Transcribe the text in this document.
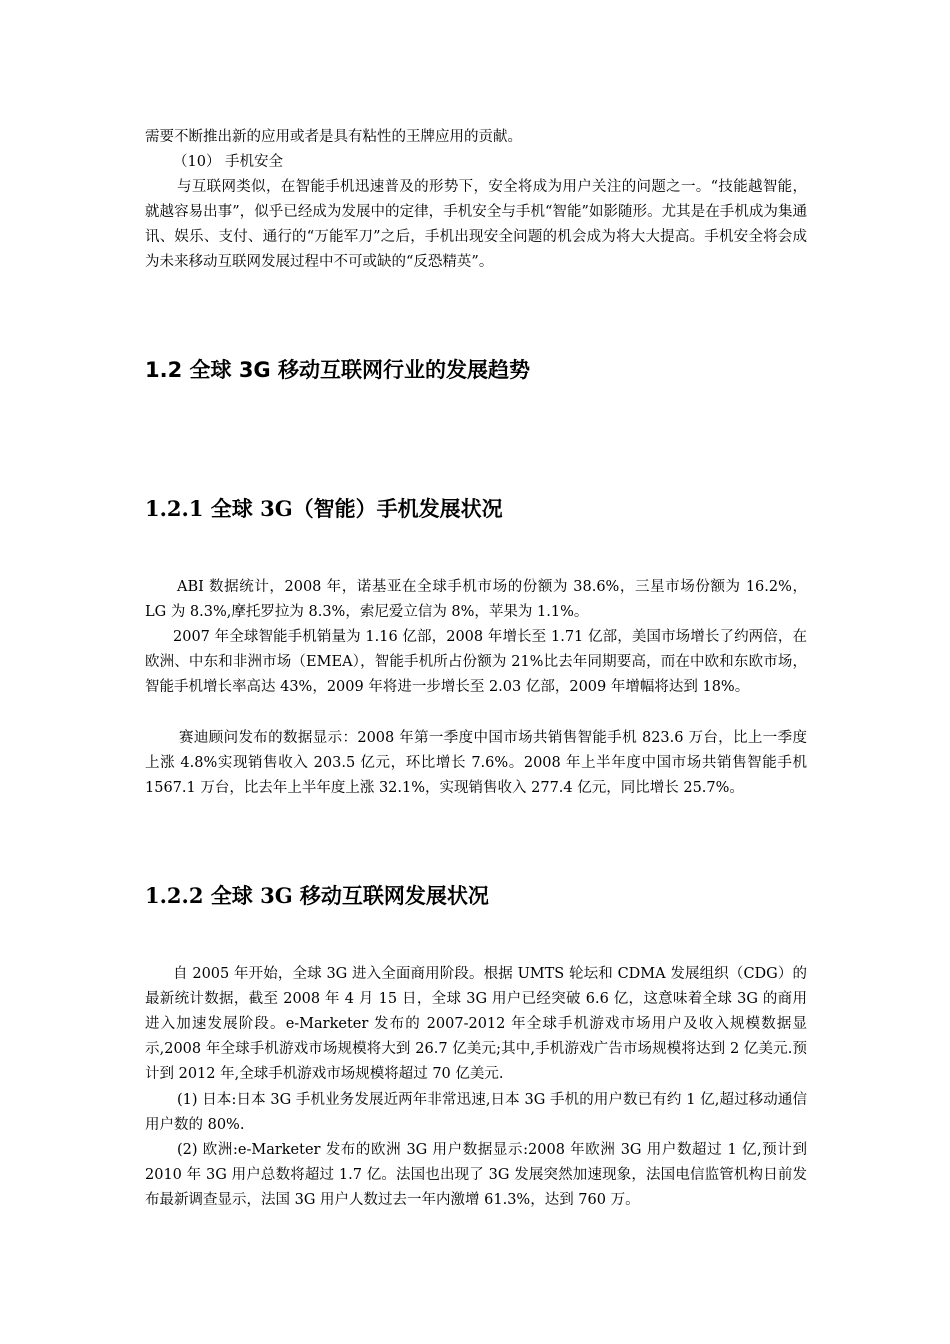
需要不断推出新的应用或者是具有粘性的王牌应用的贡献。

（10） 手机安全

与互联网类似，在智能手机迅速普及的形势下，安全将成为用户关注的问题之一。“技能越智能，就越容易出事”，似乎已经成为发展中的定律，手机安全与手机“智能”如影随形。尤其是在手机成为集通讯、娱乐、支付、通行的“万能军刀”之后，手机出现安全问题的机会成为将大大提高。手机安全将会成为未来移动互联网发展过程中不可或缺的“反恐精英”。

1.2 全球 3G 移动互联网行业的发展趋势
1.2.1 全球 3G（智能）手机发展状况

ABI 数据统计，2008 年，诺基亚在全球手机市场的份额为 38.6%，三星市场份额为 16.2%，LG 为 8.3%,摩托罗拉为 8.3%，索尼爱立信为 8%，苹果为 1.1%。

2007 年全球智能手机销量为 1.16 亿部，2008 年增长至 1.71 亿部，美国市场增长了约两倍，在欧洲、中东和非洲市场（EMEA），智能手机所占份额为 21%比去年同期要高，而在中欧和东欧市场，智能手机增长率高达 43%，2009 年将进一步增长至 2.03 亿部，2009 年增幅将达到 18%。

赛迪顾问发布的数据显示：2008 年第一季度中国市场共销售智能手机 823.6 万台，比上一季度上涨 4.8%实现销售收入 203.5 亿元，环比增长 7.6%。2008 年上半年度中国市场共销售智能手机 1567.1 万台，比去年上半年度上涨 32.1%，实现销售收入 277.4 亿元，同比增长 25.7%。

1.2.2 全球 3G 移动互联网发展状况

自 2005 年开始，全球 3G 进入全面商用阶段。根据 UMTS 轮坛和 CDMA 发展组织（CDG）的最新统计数据，截至 2008 年 4 月 15 日，全球 3G 用户已经突破 6.6 亿，这意味着全球 3G 的商用进入加速发展阶段。e-Marketer 发布的 2007-2012 年全球手机游戏市场用户及收入规模数据显示,2008 年全球手机游戏市场规模将大到 26.7 亿美元;其中,手机游戏广告市场规模将达到 2 亿美元.预计到 2012 年,全球手机游戏市场规模将超过 70 亿美元.

(1) 日本:日本 3G 手机业务发展近两年非常迅速,日本 3G 手机的用户数已有约 1 亿,超过移动通信用户数的 80%.

(2) 欧洲:e-Marketer 发布的欧洲 3G 用户数据显示:2008 年欧洲 3G 用户数超过 1 亿,预计到 2010 年 3G 用户总数将超过 1.7 亿。法国也出现了 3G 发展突然加速现象，法国电信监管机构日前发布最新调查显示，法国 3G 用户人数过去一年内激增 61.3%，达到 760 万。
